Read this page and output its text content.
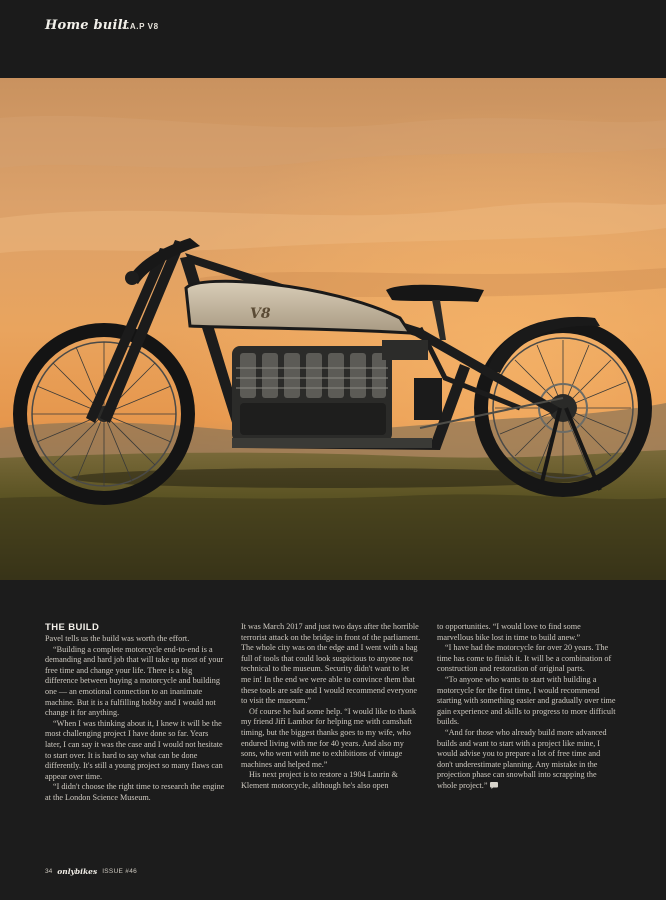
Home built
J.A.P V8
V8
THE BUILD

Pavel tells us the build was worth the effort.

“Building a complete motorcycle end-to-end is a demanding and hard job that will take up most of your free time and change your life. There is a big difference between buying a motorcycle and building one — an emotional connection to an inanimate machine. But it is a fulfilling hobby and I would not change it for anything.

“When I was thinking about it, I knew it will be the most challenging project I have done so far. Years later, I can say it was the case and I would not hesitate to start over. It is hard to say what can be done differently. It's still a young project so many flaws can appear over time.

“I didn't choose the right time to research the engine at the London Science Museum.

It was March 2017 and just two days after the horrible terrorist attack on the bridge in front of the parliament. The whole city was on the edge and I went with a bag full of tools that could look suspicious to anyone not technical to the museum. Security didn't want to let me in! In the end we were able to convince them that these tools are safe and I would recommend everyone to visit the museum.”

Of course he had some help. “I would like to thank my friend Jiří Lambor for helping me with camshaft timing, but the biggest thanks goes to my wife, who endured living with me for 40 years. And also my sons, who went with me to exhibitions of vintage machines and helped me.”

His next project is to restore a 1904 Laurin & Klement motorcycle, although he's also open

to opportunities. “I would love to find some marvellous bike lost in time to build anew.”

“I have had the motorcycle for over 20 years. The time has come to finish it. It will be a combination of construction and restoration of original parts.

“To anyone who wants to start with building a motorcycle for the first time, I would recommend starting with something easier and gradually over time gain experience and skills to progress to more difficult builds.

“And for those who already build more advanced builds and want to start with a project like mine, I would advise you to prepare a lot of free time and don't underestimate planning. Any mistake in the projection phase can snowball into scrapping the whole project.”

34 onlybikes ISSUE #46
